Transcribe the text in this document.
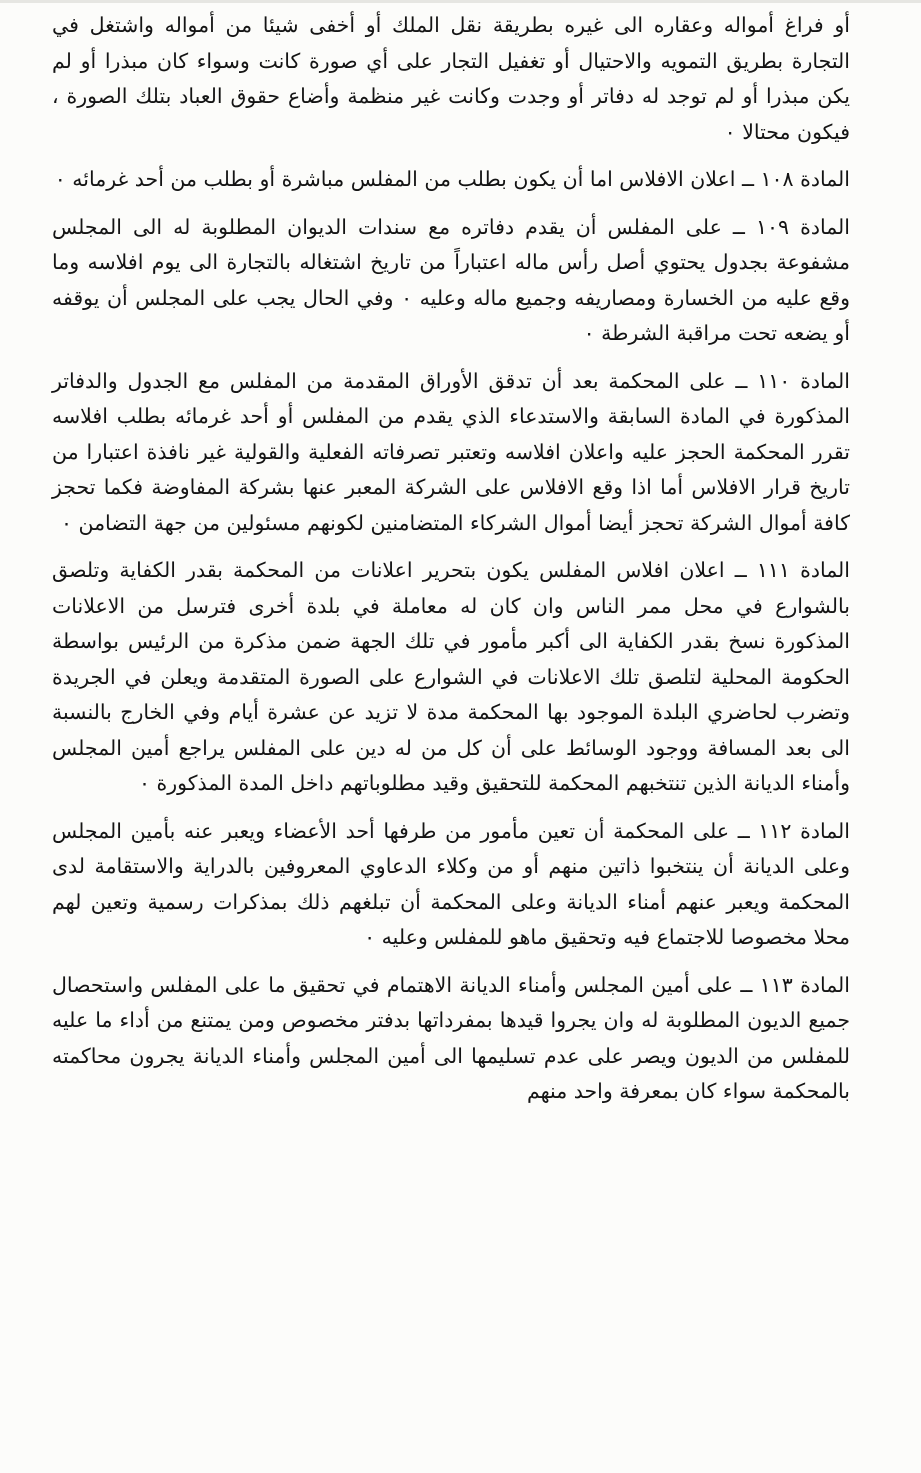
أو فراغ أمواله وعقاره الى غيره بطريقة نقل الملك أو أخفى شيئا من أمواله واشتغل في التجارة بطريق التمويه والاحتيال أو تغفيل التجار على أي صورة كانت وسواء كان مبذرا أو لم يكن مبذرا أو لم توجد له دفاتر أو وجدت وكانت غير منظمة وأضاع حقوق العباد بتلك الصورة ، فيكون محتالا ٠

المادة ١٠٨ ــ اعلان الافلاس اما أن يكون بطلب من المفلس مباشرة أو بطلب من أحد غرمائه ٠

المادة ١٠٩ ــ على المفلس أن يقدم دفاتره مع سندات الديوان المطلوبة له الى المجلس مشفوعة بجدول يحتوي أصل رأس ماله اعتباراً من تاريخ اشتغاله بالتجارة الى يوم افلاسه وما وقع عليه من الخسارة ومصاريفه وجميع ماله وعليه ٠ وفي الحال يجب على المجلس أن يوقفه أو يضعه تحت مراقبة الشرطة ٠

المادة ١١٠ ــ على المحكمة بعد أن تدقق الأوراق المقدمة من المفلس مع الجدول والدفاتر المذكورة في المادة السابقة والاستدعاء الذي يقدم من المفلس أو أحد غرمائه بطلب افلاسه تقرر المحكمة الحجز عليه واعلان افلاسه وتعتبر تصرفاته الفعلية والقولية غير نافذة اعتبارا من تاريخ قرار الافلاس أما اذا وقع الافلاس على الشركة المعبر عنها بشركة المفاوضة فكما تحجز كافة أموال الشركة تحجز أيضا أموال الشركاء المتضامنين لكونهم مسئولين من جهة التضامن ٠

المادة ١١١ ــ اعلان افلاس المفلس يكون بتحرير اعلانات من المحكمة بقدر الكفاية وتلصق بالشوارع في محل ممر الناس وان كان له معاملة في بلدة أخرى فترسل من الاعلانات المذكورة نسخ بقدر الكفاية الى أكبر مأمور في تلك الجهة ضمن مذكرة من الرئيس بواسطة الحكومة المحلية لتلصق تلك الاعلانات في الشوارع على الصورة المتقدمة ويعلن في الجريدة وتضرب لحاضري البلدة الموجود بها المحكمة مدة لا تزيد عن عشرة أيام وفي الخارج بالنسبة الى بعد المسافة ووجود الوسائط على أن كل من له دين على المفلس يراجع أمين المجلس وأمناء الديانة الذين تنتخبهم المحكمة للتحقيق وقيد مطلوباتهم داخل المدة المذكورة ٠

المادة ١١٢ ــ على المحكمة أن تعين مأمور من طرفها أحد الأعضاء ويعبر عنه بأمين المجلس وعلى الديانة أن ينتخبوا ذاتين منهم أو من وكلاء الدعاوي المعروفين بالدراية والاستقامة لدى المحكمة ويعبر عنهم أمناء الديانة وعلى المحكمة أن تبلغهم ذلك بمذكرات رسمية وتعين لهم محلا مخصوصا للاجتماع فيه وتحقيق ماهو للمفلس وعليه ٠

المادة ١١٣ ــ على أمين المجلس وأمناء الديانة الاهتمام في تحقيق ما على المفلس واستحصال جميع الديون المطلوبة له وان يجروا قيدها بمفرداتها بدفتر مخصوص ومن يمتنع من أداء ما عليه للمفلس من الديون ويصر على عدم تسليمها الى أمين المجلس وأمناء الديانة يجرون محاكمته بالمحكمة سواء كان بمعرفة واحد منهم
